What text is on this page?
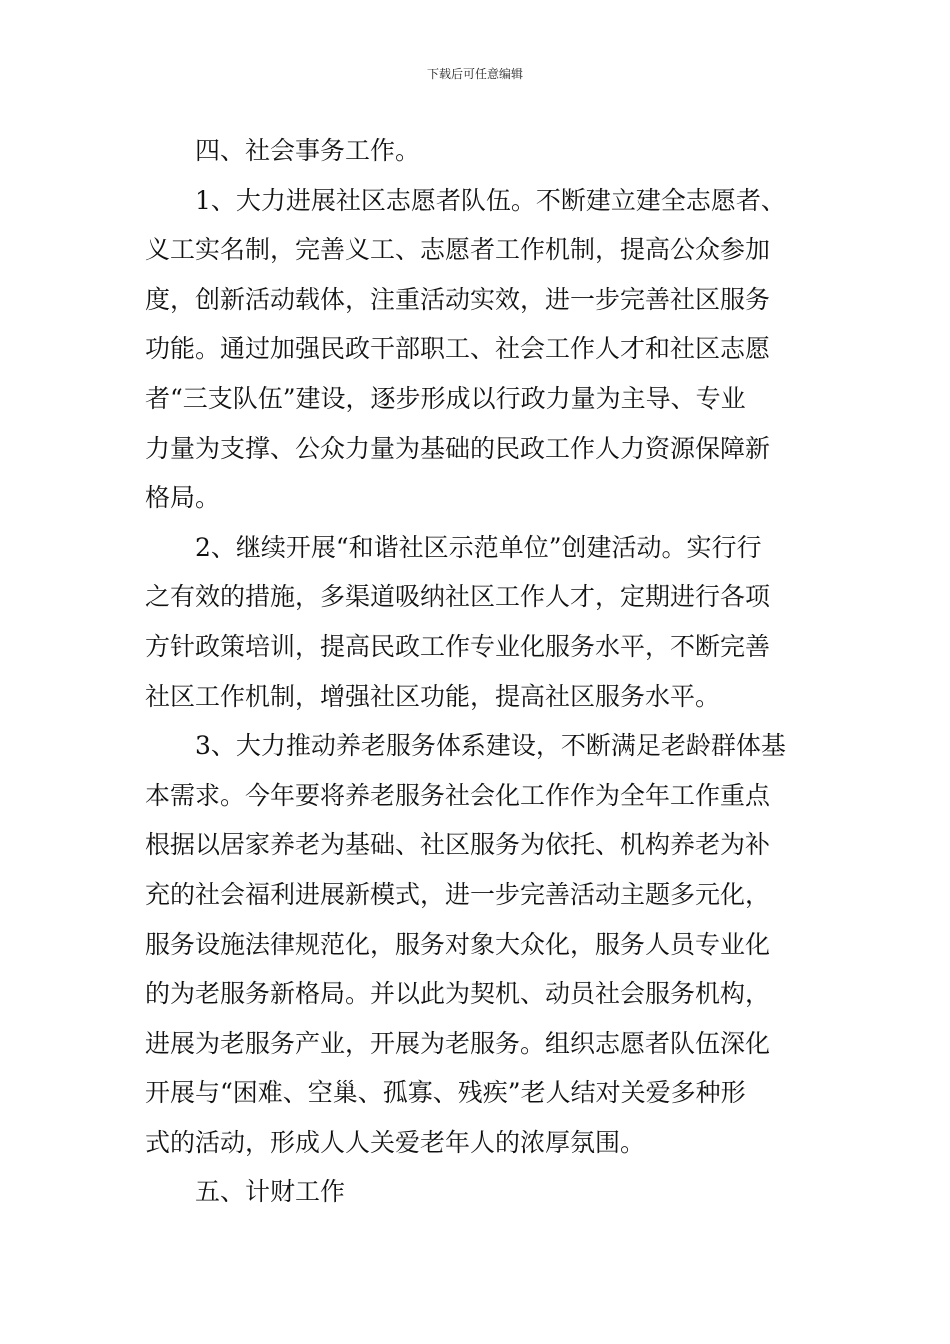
下载后可任意编辑
四、社会事务工作。
1、大力进展社区志愿者队伍。不断建立建全志愿者、
义工实名制，完善义工、志愿者工作机制，提高公众参加
度，创新活动载体，注重活动实效，进一步完善社区服务
功能。通过加强民政干部职工、社会工作人才和社区志愿
者“三支队伍”建设，逐步形成以行政力量为主导、专业
力量为支撑、公众力量为基础的民政工作人力资源保障新
格局。
2、继续开展“和谐社区示范单位”创建活动。实行行
之有效的措施，多渠道吸纳社区工作人才，定期进行各项
方针政策培训，提高民政工作专业化服务水平，不断完善
社区工作机制，增强社区功能，提高社区服务水平。
3、大力推动养老服务体系建设，不断满足老龄群体基
本需求。今年要将养老服务社会化工作作为全年工作重点
根据以居家养老为基础、社区服务为依托、机构养老为补
充的社会福利进展新模式，进一步完善活动主题多元化，
服务设施法律规范化，服务对象大众化，服务人员专业化
的为老服务新格局。并以此为契机、动员社会服务机构，
进展为老服务产业，开展为老服务。组织志愿者队伍深化
开展与“困难、空巢、孤寡、残疾”老人结对关爱多种形
式的活动，形成人人关爱老年人的浓厚氛围。
五、计财工作
